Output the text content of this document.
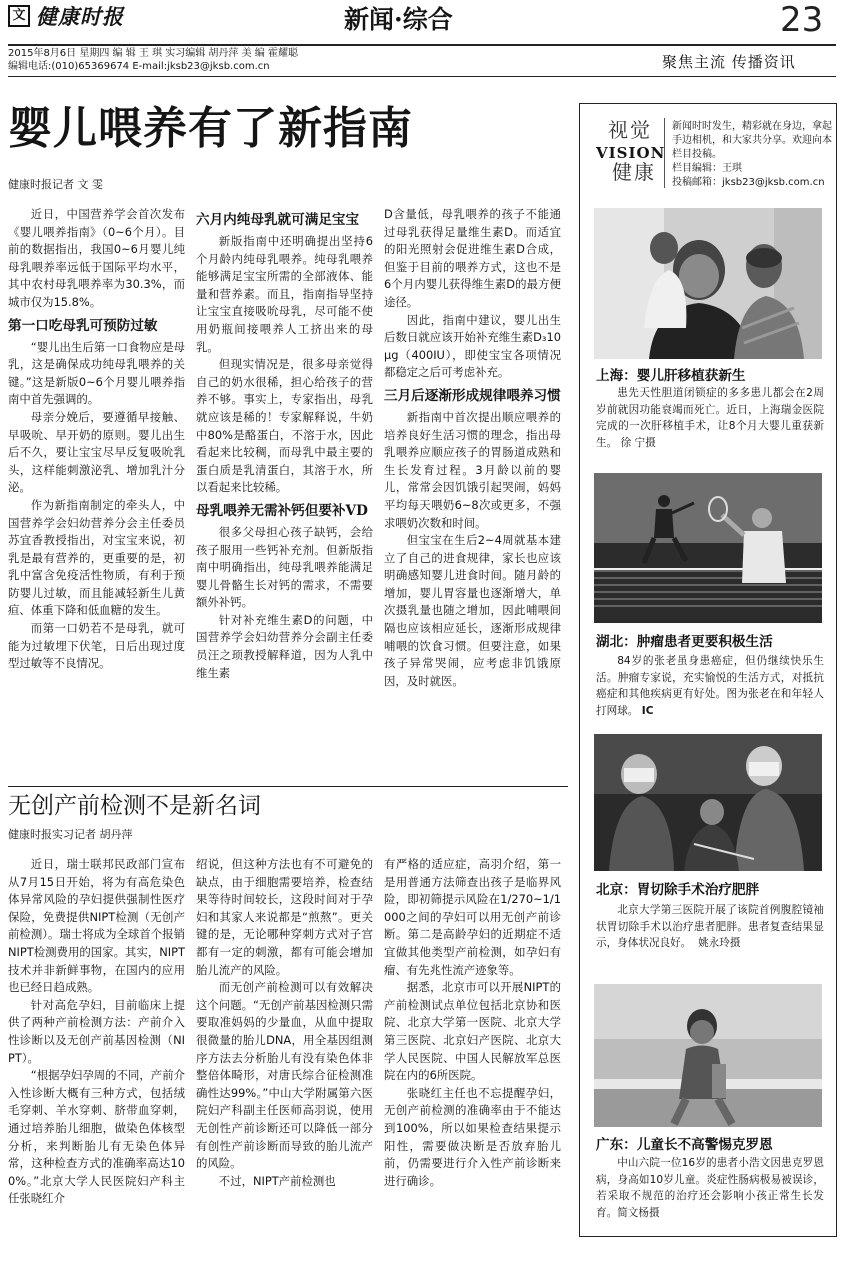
文 健康时报	新闻·综合	23
2015年8月6日 星期四 编 辑 王 琪 实习编辑 胡丹萍 美 编 霍耀聪
编辑电话:(010)65369674 E-mail:jksb23@jksb.com.cn	聚焦主流 传播资讯
婴儿喂养有了新指南
健康时报记者 文 雯

近日，中国营养学会首次发布《婴儿喂养指南》（0~6个月）。目前的数据指出，我国0~6月婴儿纯母乳喂养率远低于国际平均水平，其中农村母乳喂养率为30.3%，而城市仅为15.8%。

第一口吃母乳可预防过敏

“婴儿出生后第一口食物应是母乳，这是确保成功纯母乳喂养的关键。”这是新版0~6个月婴儿喂养指南中首先强调的。

母亲分娩后，要遵循早接触、早吸吮、早开奶的原则。婴儿出生后不久，要让宝宝尽早反复吸吮乳头，这样能刺激泌乳、增加乳汁分泌。

作为新指南制定的牵头人，中国营养学会妇幼营养分会主任委员苏宜香教授指出，对宝宝来说，初乳是最有营养的，更重要的是，初乳中富含免疫活性物质，有利于预防婴儿过敏，而且能减轻新生儿黄疸、体重下降和低血糖的发生。

而第一口奶若不是母乳，就可能为过敏埋下伏笔，日后出现过度型过敏等不良情况。

六月内纯母乳就可满足宝宝

新版指南中还明确提出坚持6个月龄内纯母乳喂养。纯母乳喂养能够满足宝宝所需的全部液体、能量和营养素。而且，指南指导坚持让宝宝直接吸吮母乳，尽可能不使用奶瓶间接喂养人工挤出来的母乳。

但现实情况是，很多母亲觉得自己的奶水很稀，担心给孩子的营养不够。事实上，专家指出，母乳就应该是稀的！专家解释说，牛奶中80%是酪蛋白，不溶于水，因此看起来比较稠，而母乳中最主要的蛋白质是乳清蛋白，其溶于水，所以看起来比较稀。

母乳喂养无需补钙但要补VD

很多父母担心孩子缺钙，会给孩子服用一些钙补充剂。但新版指南中明确指出，纯母乳喂养能满足婴儿骨骼生长对钙的需求，不需要额外补钙。

针对补充维生素D的问题，中国营养学会妇幼营养分会副主任委员汪之顼教授解释道，因为人乳中维生素

D含量低，母乳喂养的孩子不能通过母乳获得足量维生素D。而适宜的阳光照射会促进维生素D合成，但鉴于目前的喂养方式，这也不是6个月内婴儿获得维生素D的最方便途径。

因此，指南中建议，婴儿出生后数日就应该开始补充维生素D₃10μg（400IU），即使宝宝各项情况都稳定之后可考虑补充。

三月后逐渐形成规律喂养习惯

新指南中首次提出顺应喂养的培养良好生活习惯的理念，指出母乳喂养应顺应孩子的胃肠道成熟和生长发育过程。3月龄以前的婴儿，常常会因饥饿引起哭闹，妈妈平均每天喂奶6~8次或更多，不强求喂奶次数和时间。

但宝宝在生后2~4周就基本建立了自己的进食规律，家长也应该明确感知婴儿进食时间。随月龄的增加，婴儿胃容量也逐渐增大，单次摄乳量也随之增加，因此哺喂间隔也应该相应延长，逐渐形成规律哺喂的饮食习惯。但要注意，如果孩子异常哭闹，应考虑非饥饿原因，及时就医。

无创产前检测不是新名词
健康时报实习记者 胡丹萍

近日，瑞士联邦民政部门宣布从7月15日开始，将为有高危染色体异常风险的孕妇提供强制性医疗保险，免费提供NIPT检测（无创产前检测）。瑞士将成为全球首个报销NIPT检测费用的国家。其实，NIPT技术并非新鲜事物，在国内的应用也已经日趋成熟。

针对高危孕妇，目前临床上提供了两种产前检测方法：产前介入性诊断以及无创产前基因检测（NIPT）。

“根据孕妇孕周的不同，产前介入性诊断大概有三种方式，包括绒毛穿刺、羊水穿刺、脐带血穿刺，通过培养胎儿细胞，做染色体核型分析，来判断胎儿有无染色体异常，这种检查方式的准确率高达100%。”北京大学人民医院妇产科主任张晓红介

绍说，但这种方法也有不可避免的缺点，由于细胞需要培养，检查结果等待时间较长，这段时间对于孕妇和其家人来说都是“煎熬”。更关键的是，无论哪种穿刺方式对子宫都有一定的刺激，都有可能会增加胎儿流产的风险。

而无创产前检测可以有效解决这个问题。“无创产前基因检测只需要取准妈妈的少量血，从血中提取很微量的胎儿DNA，用全基因组测序方法去分析胎儿有没有染色体非整倍体畸形，对唐氏综合征检测准确性达99%。”中山大学附属第六医院妇产科副主任医师高羽说，使用无创性产前诊断还可以降低一部分有创性产前诊断而导致的胎儿流产的风险。

不过，NIPT产前检测也

有严格的适应症，高羽介绍，第一是用普通方法筛查出孩子是临界风险，即初筛提示风险在1/270~1/1000之间的孕妇可以用无创产前诊断。第二是高龄孕妇的近期症不适宜做其他类型产前检测，如孕妇有瘤、有先兆性流产迹象等。

据悉，北京市可以开展NIPT的产前检测试点单位包括北京协和医院、北京大学第一医院、北京大学第三医院、北京妇产医院、北京大学人民医院、中国人民解放军总医院在内的6所医院。

张晓红主任也不忘提醒孕妇，无创产前检测的准确率由于不能达到100%，所以如果检查结果提示阳性，需要做决断是否放弃胎儿前，仍需要进行介入性产前诊断来进行确诊。

视觉
VISION
健康
新闻时时发生，精彩就在身边，拿起手边相机，和大家共分享。欢迎向本栏目投稿。
栏目编辑：王琪
投稿邮箱：jksb23@jksb.com.cn
上海：婴儿肝移植获新生
患先天性胆道闭锁症的多多患儿都会在2周岁前就因功能衰竭而死亡。近日，上海瑞金医院完成的一次肝移植手术，让8个月大婴儿重获新生。 徐 宁摄
湖北：肿瘤患者更要积极生活
84岁的张老虽身患癌症，但仍继续快乐生活。肿瘤专家说，充实愉悦的生活方式，对抵抗癌症和其他疾病更有好处。图为张老在和年轻人打网球。 IC
北京：胃切除手术治疗肥胖
北京大学第三医院开展了该院首例腹腔镜袖状胃切除手术以治疗患者肥胖。患者复查结果显示，身体状况良好。 姚永玲摄
广东：儿童长不高警惕克罗恩
中山六院一位16岁的患者小浩文因患克罗恩病，身高如10岁儿童。炎症性肠病极易被误诊，若采取不规范的治疗还会影响小孩正常生长发育。简文杨摄
